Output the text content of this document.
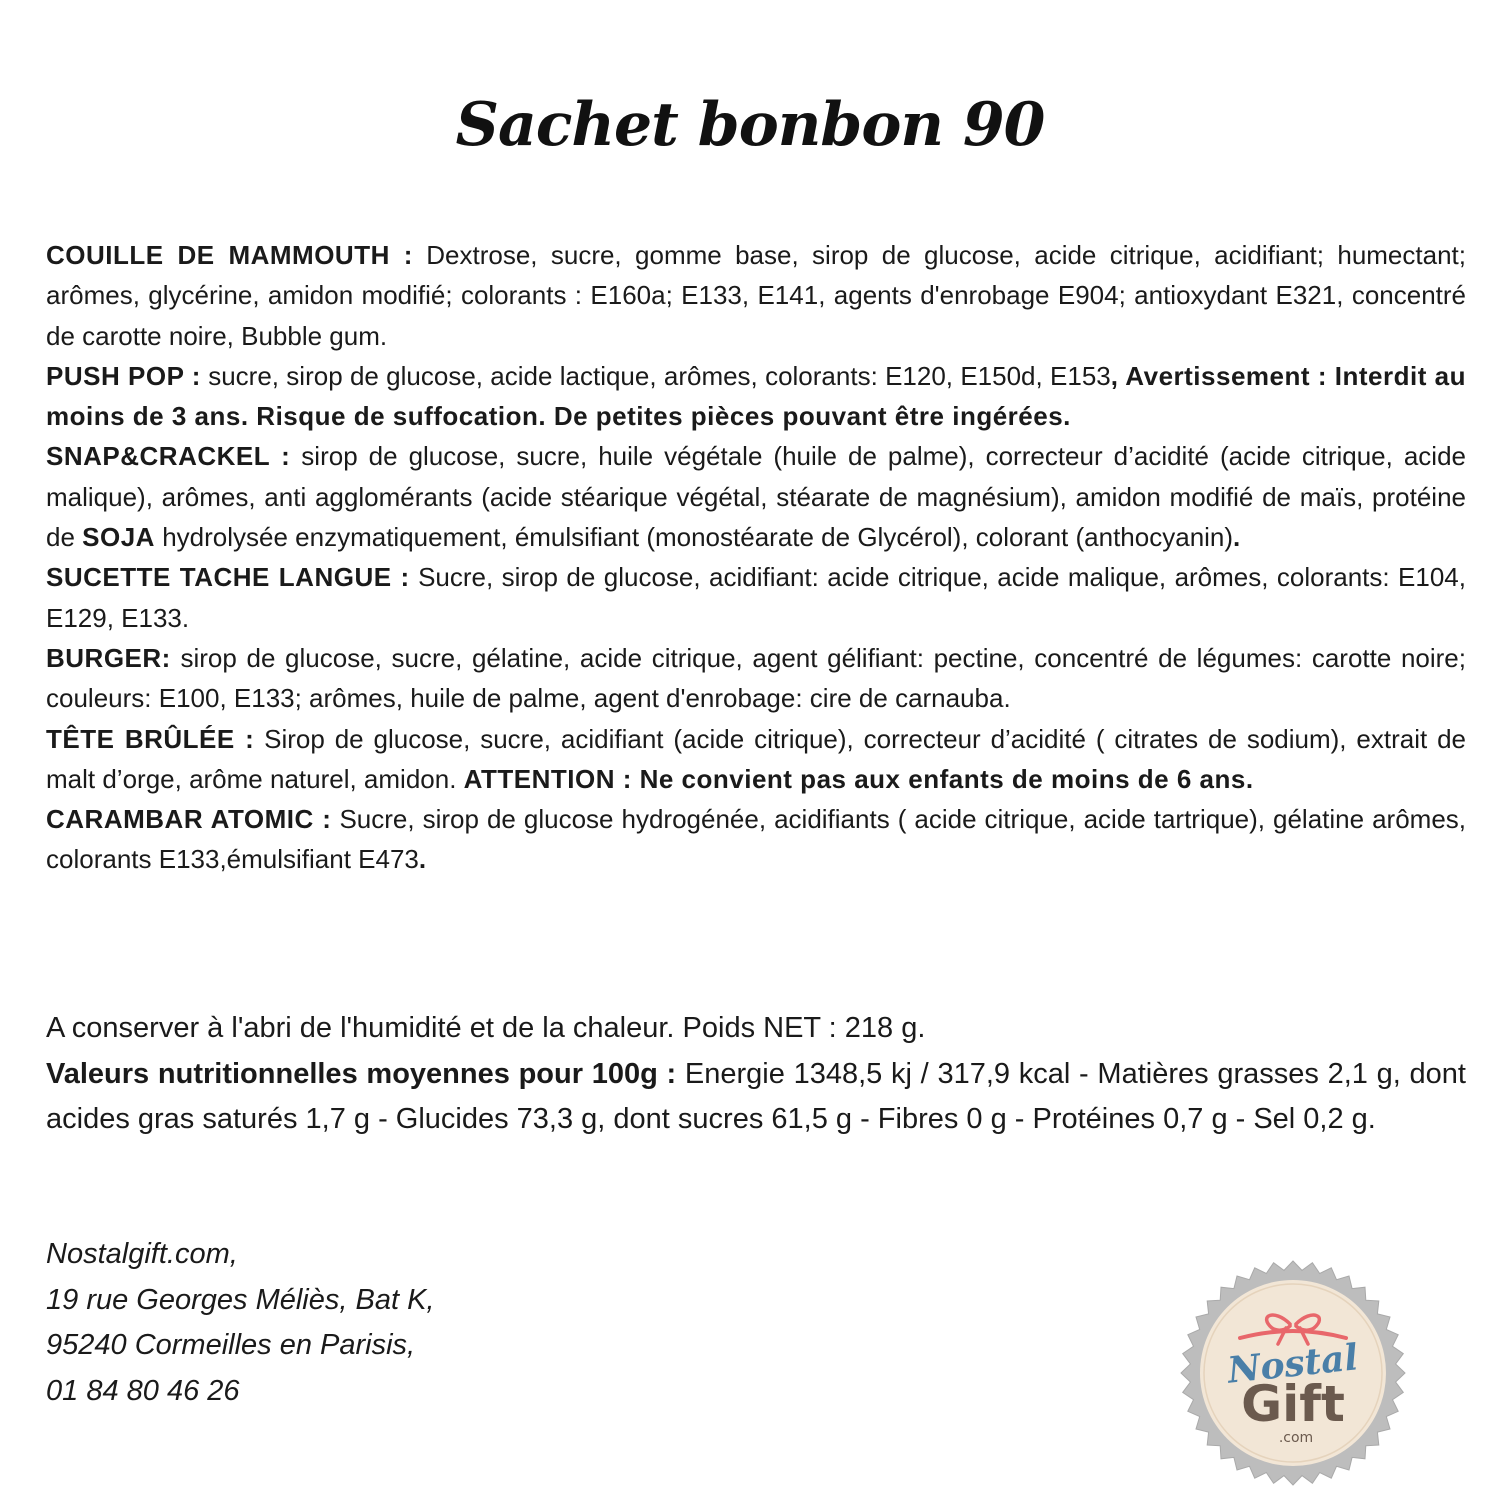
Sachet bonbon 90

COUILLE DE MAMMOUTH : Dextrose, sucre, gomme base, sirop de glucose, acide citrique, acidifiant; humectant; arômes, glycérine, amidon modifié; colorants : E160a; E133, E141, agents d'enrobage E904; antioxydant E321, concentré de carotte noire, Bubble gum.

PUSH POP : sucre, sirop de glucose, acide lactique, arômes, colorants: E120, E150d, E153, Avertissement : Interdit au moins de 3 ans. Risque de suffocation. De petites pièces pouvant être ingérées.

SNAP&CRACKEL : sirop de glucose, sucre, huile végétale (huile de palme), correcteur d’acidité (acide citrique, acide malique), arômes, anti agglomérants (acide stéarique végétal, stéarate de magnésium), amidon modifié de maïs, protéine de SOJA hydrolysée enzymatiquement, émulsifiant (monostéarate de Glycérol), colorant (anthocyanin).

SUCETTE TACHE LANGUE : Sucre, sirop de glucose, acidifiant: acide citrique, acide malique, arômes, colorants: E104, E129, E133.

BURGER: sirop de glucose, sucre, gélatine, acide citrique, agent gélifiant: pectine, concentré de légumes: carotte noire; couleurs: E100, E133; arômes, huile de palme, agent d'enrobage: cire de carnauba.

TÊTE BRÛLÉE : Sirop de glucose, sucre, acidifiant (acide citrique), correcteur d’acidité ( citrates de sodium), extrait de malt d’orge, arôme naturel, amidon. ATTENTION : Ne convient pas aux enfants de moins de 6 ans.

CARAMBAR ATOMIC : Sucre, sirop de glucose hydrogénée, acidifiants ( acide citrique, acide tartrique), gélatine arômes, colorants E133,émulsifiant E473.

A conserver à l'abri de l'humidité et de la chaleur. Poids NET : 218 g.

Valeurs nutritionnelles moyennes pour 100g : Energie 1348,5 kj / 317,9 kcal - Matières grasses 2,1 g, dont acides gras saturés 1,7 g - Glucides 73,3 g, dont sucres 61,5 g - Fibres 0 g - Protéines 0,7 g - Sel 0,2 g.

Nostalgift.com,
19 rue Georges Méliès, Bat K,
95240 Cormeilles en Parisis,
01 84 80 46 26	Nostal
Gift
.com
